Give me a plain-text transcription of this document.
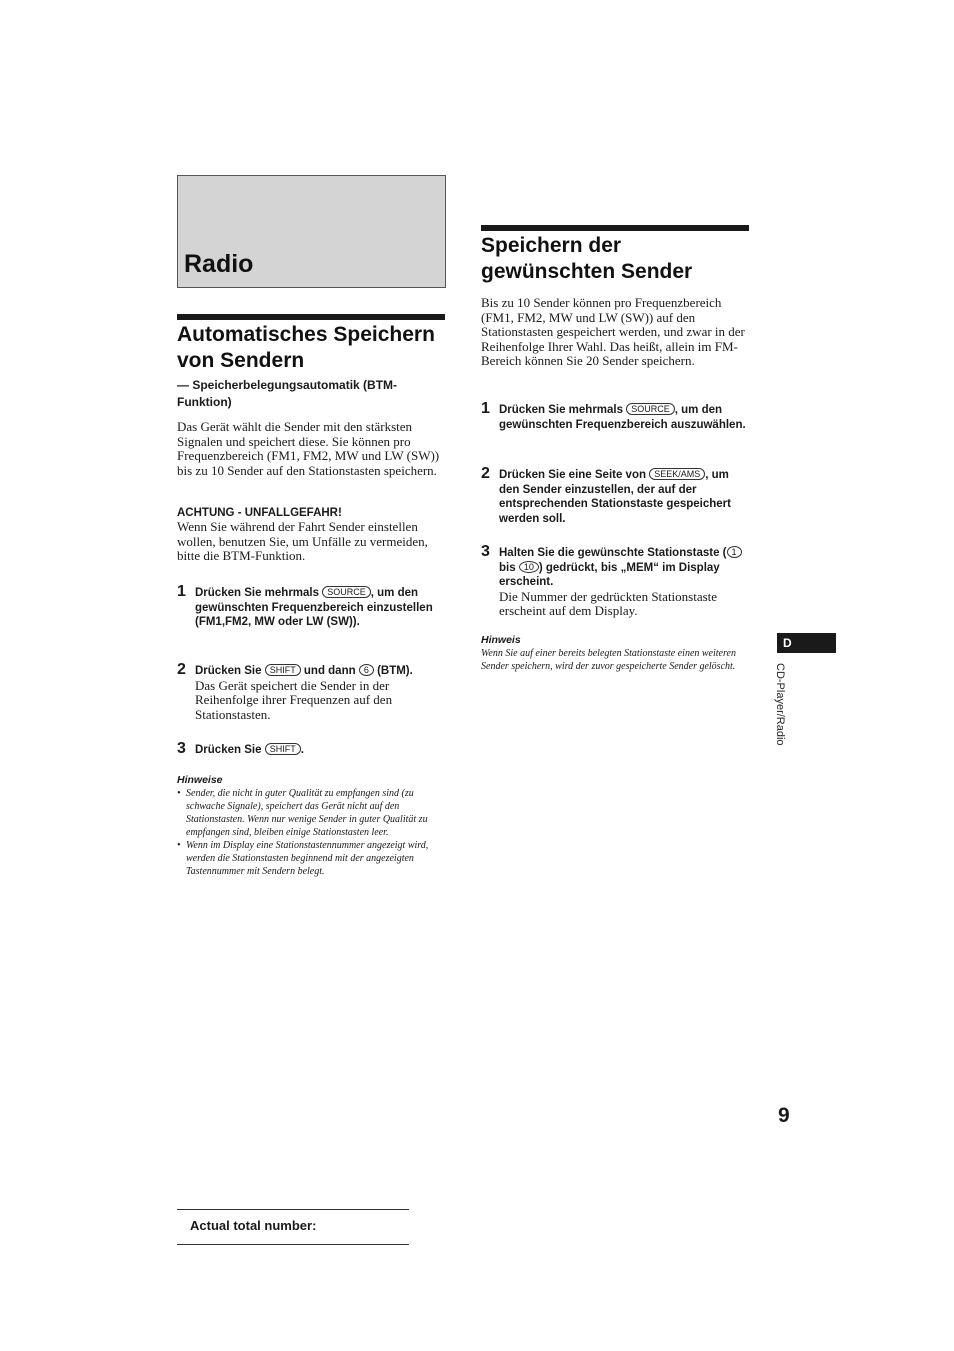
Radio
Automatisches Speichern von Sendern

— Speicherbelegungsautomatik (BTM-Funktion)

Das Gerät wählt die Sender mit den stärksten Signalen und speichert diese. Sie können pro Frequenzbereich (FM1, FM2, MW und LW (SW)) bis zu 10 Sender auf den Stationstasten speichern.

ACHTUNG - UNFALLGEFAHR!

Wenn Sie während der Fahrt Sender einstellen wollen, benutzen Sie, um Unfälle zu vermeiden, bitte die BTM-Funktion.

1 Drücken Sie mehrmals SOURCE , um den gewünschten Frequenzbereich einzustellen (FM1,FM2, MW oder LW (SW)).
2 Drücken Sie SHIFT und dann 6 (BTM).
Das Gerät speichert die Sender in der Reihenfolge ihrer Frequenzen auf den Stationstasten.
3 Drücken Sie SHIFT .

Hinweise

• Sender, die nicht in guter Qualität zu empfangen sind (zu schwache Signale), speichert das Gerät nicht auf den Stationstasten. Wenn nur wenige Sender in guter Qualität zu empfangen sind, bleiben einige Stationstasten leer.
• Wenn im Display eine Stationstastennummer angezeigt wird, werden die Stationstasten beginnend mit der angezeigten Tastennummer mit Sendern belegt.
Speichern der gewünschten Sender

Bis zu 10 Sender können pro Frequenzbereich (FM1, FM2, MW und LW (SW)) auf den Stationstasten gespeichert werden, und zwar in der Reihenfolge Ihrer Wahl. Das heißt, allein im FM-Bereich können Sie 20 Sender speichern.

1 Drücken Sie mehrmals SOURCE , um den gewünschten Frequenzbereich auszuwählen.
2 Drücken Sie eine Seite von SEEK/AMS , um den Sender einzustellen, der auf der entsprechenden Stationstaste gespeichert werden soll.
3 Halten Sie die gewünschte Stationstaste ( 1 bis 10 ) gedrückt, bis „MEM“ im Display erscheint.
Die Nummer der gedrückten Stationstaste erscheint auf dem Display.

Hinweis

Wenn Sie auf einer bereits belegten Stationstaste einen weiteren Sender speichern, wird der zuvor gespeicherte Sender gelöscht.

D
CD-Player/Radio
9
Actual total number:
